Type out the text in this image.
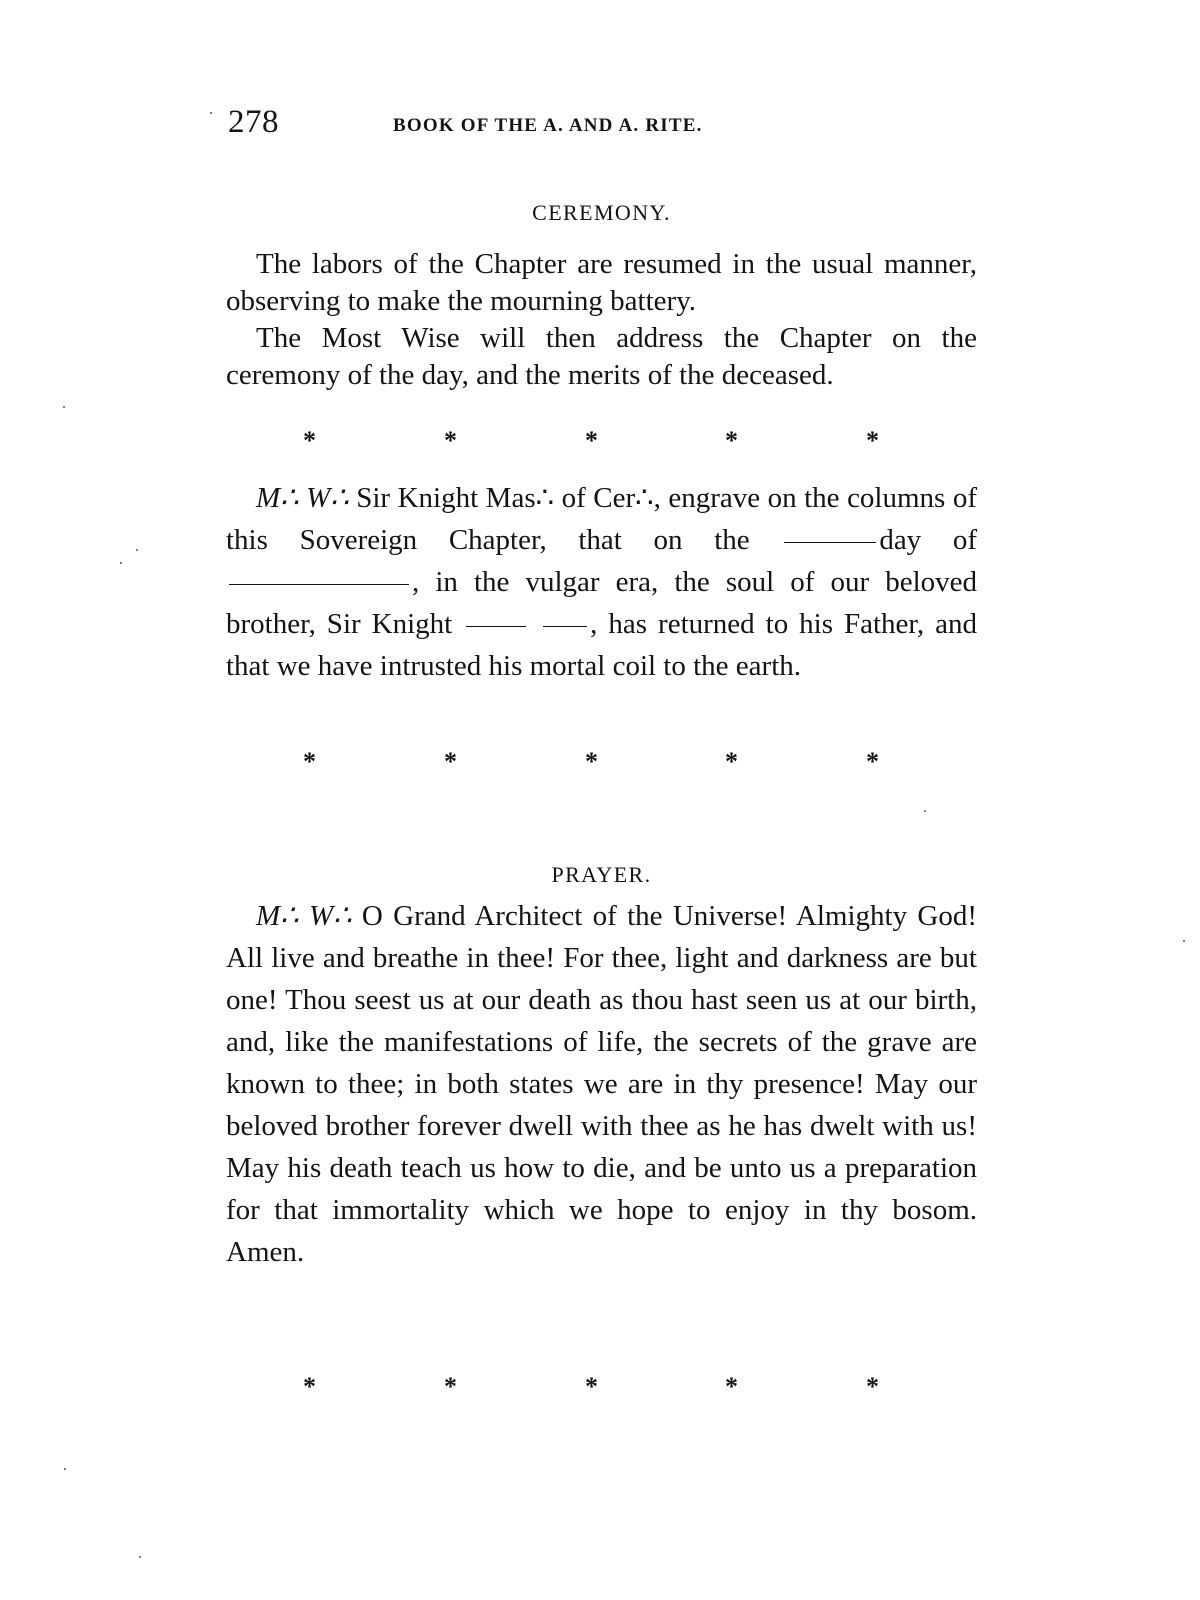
278	BOOK OF THE A. AND A. RITE.
CEREMONY.

The labors of the Chapter are resumed in the usual manner, observing to make the mourning battery.

The Most Wise will then address the Chapter on the ceremony of the day, and the merits of the deceased.

*	*	*	*	*

M∴ W∴ Sir Knight Mas∴ of Cer∴, engrave on the columns of this Sovereign Chapter, that on the	day of, in the vulgar era, the soul of our beloved brother, Sir Knight	, has returned to his Father, and that we have intrusted his mortal coil to the earth.

*	*	*	*	*
PRAYER.

M∴ W∴ O Grand Architect of the Universe! Almighty God! All live and breathe in thee! For thee, light and darkness are but one! Thou seest us at our death as thou hast seen us at our birth, and, like the manifestations of life, the secrets of the grave are known to thee; in both states we are in thy presence! May our beloved brother forever dwell with thee as he has dwelt with us! May his death teach us how to die, and be unto us a preparation for that immortality which we hope to enjoy in thy bosom. Amen.

*	*	*	*	*
